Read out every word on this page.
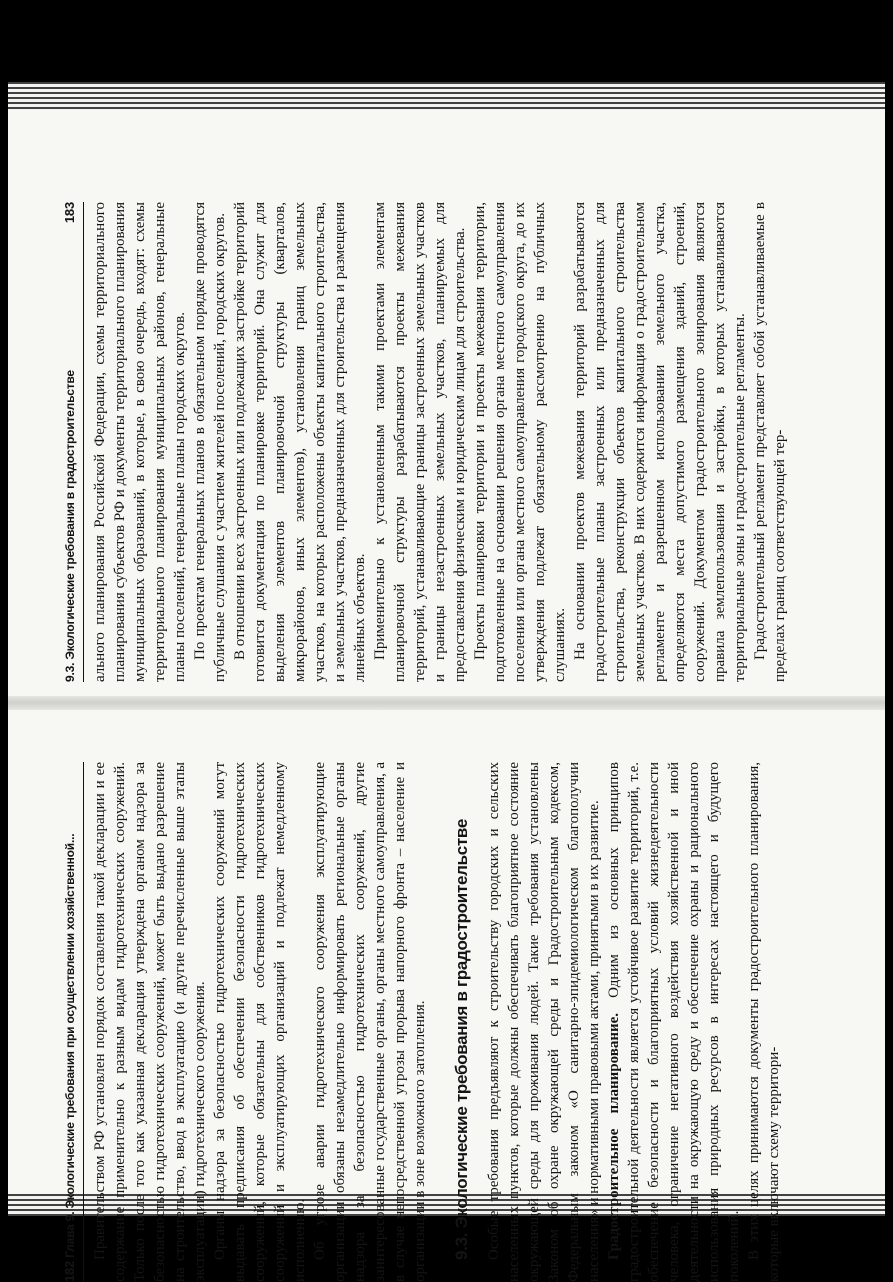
182 Глава 9. Экологические требования при осуществлении хозяйственной... Правительством РФ установлен порядок составления такой декларации и ее содержание применительно к разным видам гидротехнических сооружений. Только после того как указанная декларация утверждена органом надзора за безопасностью гидротехнических сооружений, может быть выдано разрешение на строительство, ввод в эксплуатацию (и другие перечисленные выше этапы эксплуатации) гидротехнического сооружения. Органы надзора за безопасностью гидротехнических сооружений могут выдавать предписания об обеспечении безопасности гидротехнических сооружений, которые обязательны для собственников гидротехнических сооружений и эксплуатирующих организаций и подлежат немедленному исполнению. Об угрозе аварии гидротехнического сооружения эксплуатирующие организации обязаны незамедлительно информировать региональные органы надзора за безопасностью гидротехнических сооружений, другие заинтересованные государственные органы, органы местного самоуправления, а в случае непосредственной угрозы прорыва напорного фронта – население и организации в зоне возможного затопления. 9.3. Экологические требования в градостроительстве Особые требования предъявляют к строительству городских и сельских населенных пунктов, которые должны обеспечивать благоприятное состояние окружающей среды для проживания людей. Такие требования установлены Законом об охране окружающей среды и Градостроительным кодексом, Федеральным законом «О санитарно-эпидемиологическом благополучии населения» и нормативными правовыми актами, принятыми в их развитие. Градостроительное планирование. Одним из основных принципов градостроительной деятельности является устойчивое развитие территорий, т.е. обеспечение безопасности и благоприятных условий жизнедеятельности человека, ограничение негативного воздействия хозяйственной и иной деятельности на окружающую среду и обеспечение охраны и рационального использования природных ресурсов в интересах настоящего и будущего поколений. В этих целях принимаются документы градостроительного планирования, которые включают схему территори-

9.3. Экологические требования в градостроительстве
183 ального планирования Российской Федерации, схемы территориального планирования субъектов РФ и документы территориального планирования муниципальных образований, в которые, в свою очередь, входят: схемы территориального планирования муниципальных районов, генеральные планы поселений, генеральные планы городских округов. По проектам генеральных планов в обязательном порядке проводятся публичные слушания с участием жителей поселений, городских округов. В отношении всех застроенных или подлежащих застройке территорий готовится документация по планировке территорий. Она служит для выделения элементов планировочной структуры (кварталов, микрорайонов, иных элементов), установления границ земельных участков, на которых расположены объекты капитального строительства, и земельных участков, предназначенных для строительства и размещения линейных объектов. Применительно к установленным такими проектами элементам планировочной структуры разрабатываются проекты межевания территорий, устанавливающие границы застроенных земельных участков и границы незастроенных земельных участков, планируемых для предоставления физическим и юридическим лицам для строительства. Проекты планировки территории и проекты межевания территории, подготовленные на основании решения органа местного самоуправления поселения или органа местного самоуправления городского округа, до их утверждения подлежат обязательному рассмотрению на публичных слушаниях. На основании проектов межевания территорий разрабатываются градостроительные планы застроенных или предназначенных для строительства, реконструкции объектов капитального строительства земельных участков. В них содержится информация о градостроительном регламенте и разрешенном использовании земельного участка, определяются места допустимого размещения зданий, строений, сооружений. Документом градостроительного зонирования являются правила землепользования и застройки, в которых устанавливаются территориальные зоны и градостроительные регламенты. Градостроительный регламент представляет собой устанавливаемые в пределах границ соответствующей тер-
